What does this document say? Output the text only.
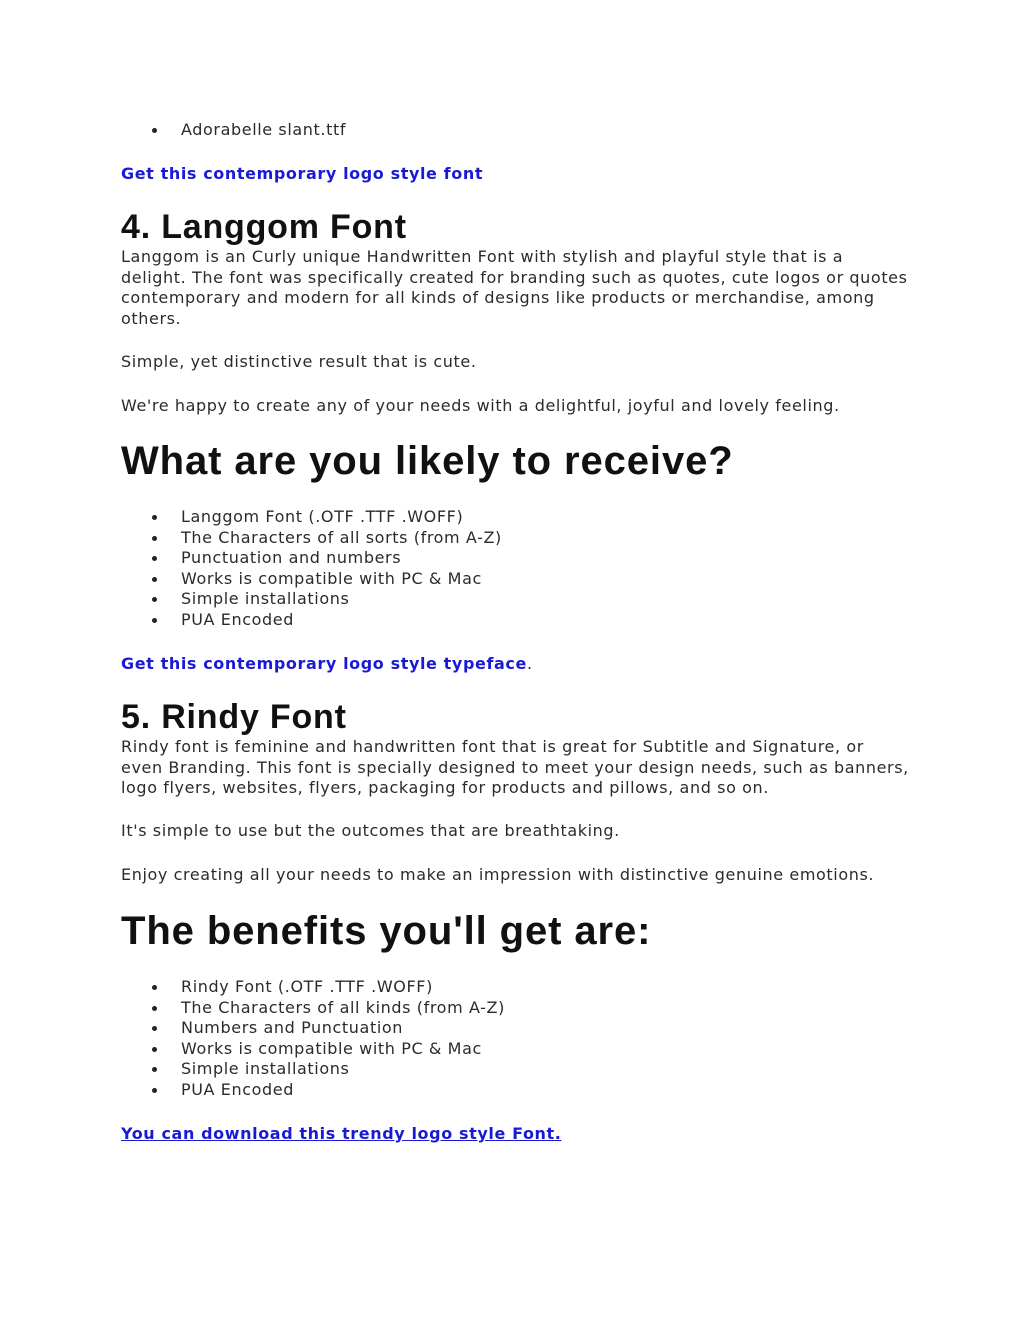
Adorabelle slant.ttf
Get this contemporary logo style font
4. Langgom Font

Langgom is an Curly unique Handwritten Font with stylish and playful style that is a delight. The font was specifically created for branding such as quotes, cute logos or quotes contemporary and modern for all kinds of designs like products or merchandise, among others.

Simple, yet distinctive result that is cute.

We're happy to create any of your needs with a delightful, joyful and lovely feeling.

What are you likely to receive?
Langgom Font (.OTF .TTF .WOFF)
The Characters of all sorts (from A-Z)
Punctuation and numbers
Works is compatible with PC & Mac
Simple installations
PUA Encoded
Get this contemporary logo style typeface.
5. Rindy Font

Rindy font is feminine and handwritten font that is great for Subtitle and Signature, or even Branding. This font is specially designed to meet your design needs, such as banners, logo flyers, websites, flyers, packaging for products and pillows, and so on.

It's simple to use but the outcomes that are breathtaking.

Enjoy creating all your needs to make an impression with distinctive genuine emotions.

The benefits you'll get are:
Rindy Font (.OTF .TTF .WOFF)
The Characters of all kinds (from A-Z)
Numbers and Punctuation
Works is compatible with PC & Mac
Simple installations
PUA Encoded
You can download this trendy logo style Font.
